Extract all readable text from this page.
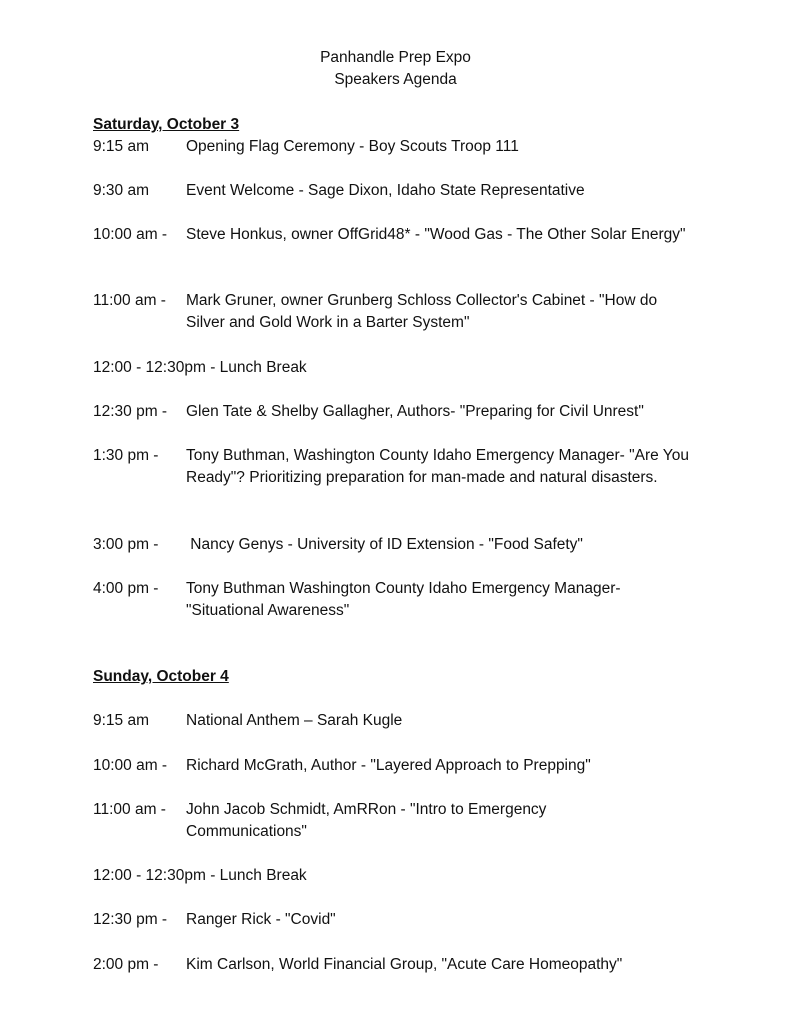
Panhandle Prep Expo
Speakers Agenda
Saturday, October 3
9:15 am Opening Flag Ceremony - Boy Scouts Troop 111
9:30 am Event Welcome - Sage Dixon, Idaho State Representative
10:00 am - Steve Honkus, owner OffGrid48* - "Wood Gas - The Other Solar Energy"
11:00 am - Mark Gruner, owner Grunberg Schloss Collector's Cabinet - "How do Silver and Gold Work in a Barter System"
12:00 - 12:30pm - Lunch Break
12:30 pm - Glen Tate & Shelby Gallagher, Authors- "Preparing for Civil Unrest"
1:30 pm - Tony Buthman, Washington County Idaho Emergency Manager- "Are You Ready"? Prioritizing preparation for man-made and natural disasters.
3:00 pm - Nancy Genys - University of ID Extension - "Food Safety"
4:00 pm - Tony Buthman Washington County Idaho Emergency Manager- "Situational Awareness"
Sunday, October 4
9:15 am National Anthem – Sarah Kugle
10:00 am - Richard McGrath, Author - "Layered Approach to Prepping"
11:00 am - John Jacob Schmidt, AmRRon - "Intro to Emergency Communications"
12:00 - 12:30pm - Lunch Break
12:30 pm - Ranger Rick - "Covid"
2:00 pm - Kim Carlson, World Financial Group, "Acute Care Homeopathy"
